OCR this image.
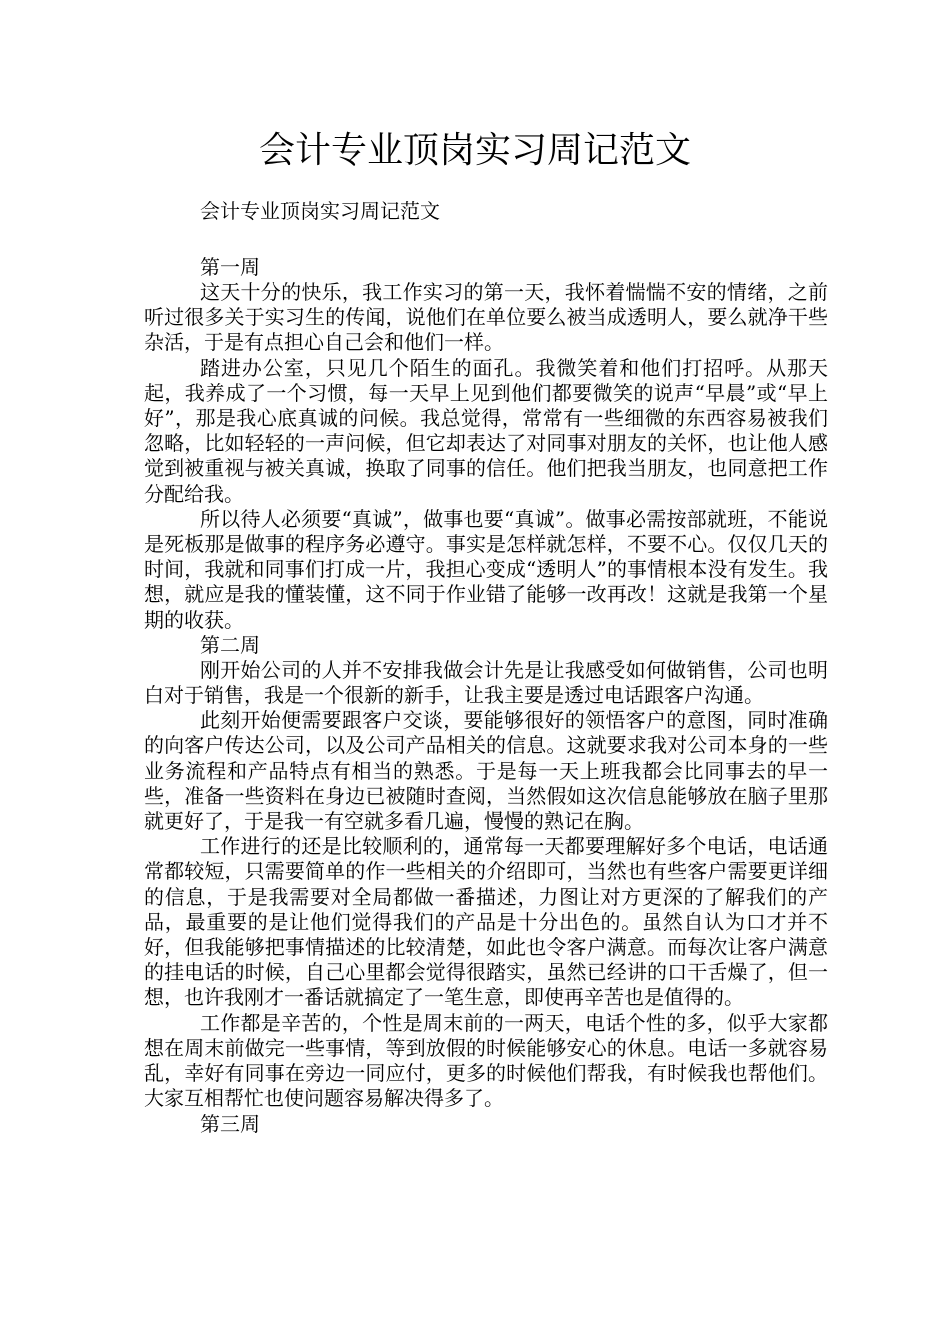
会计专业顶岗实习周记范文
会计专业顶岗实习周记范文
第一周

这天十分的快乐，我工作实习的第一天，我怀着惴惴不安的情绪，之前听过很多关于实习生的传闻，说他们在单位要么被当成透明人，要么就净干些杂活，于是有点担心自己会和他们一样。

踏进办公室，只见几个陌生的面孔。我微笑着和他们打招呼。从那天起，我养成了一个习惯，每一天早上见到他们都要微笑的说声“早晨”或“早上好”，那是我心底真诚的问候。我总觉得，常常有一些细微的东西容易被我们忽略，比如轻轻的一声问候，但它却表达了对同事对朋友的关怀，也让他人感觉到被重视与被关真诚，换取了同事的信任。他们把我当朋友，也同意把工作分配给我。

所以待人必须要“真诚”，做事也要“真诚”。做事必需按部就班，不能说是死板那是做事的程序务必遵守。事实是怎样就怎样，不要不心。仅仅几天的时间，我就和同事们打成一片，我担心变成“透明人”的事情根本没有发生。我想，就应是我的懂装懂，这不同于作业错了能够一改再改！这就是我第一个星期的收获。

第二周

刚开始公司的人并不安排我做会计先是让我感受如何做销售，公司也明白对于销售，我是一个很新的新手，让我主要是透过电话跟客户沟通。

此刻开始便需要跟客户交谈，要能够很好的领悟客户的意图，同时准确的向客户传达公司，以及公司产品相关的信息。这就要求我对公司本身的一些业务流程和产品特点有相当的熟悉。于是每一天上班我都会比同事去的早一些，准备一些资料在身边已被随时查阅，当然假如这次信息能够放在脑子里那就更好了，于是我一有空就多看几遍，慢慢的熟记在胸。

工作进行的还是比较顺利的，通常每一天都要理解好多个电话，电话通常都较短，只需要简单的作一些相关的介绍即可，当然也有些客户需要更详细的信息，于是我需要对全局都做一番描述，力图让对方更深的了解我们的产品，最重要的是让他们觉得我们的产品是十分出色的。虽然自认为口才并不好，但我能够把事情描述的比较清楚，如此也令客户满意。而每次让客户满意的挂电话的时候，自己心里都会觉得很踏实，虽然已经讲的口干舌燥了，但一想，也许我刚才一番话就搞定了一笔生意，即使再辛苦也是值得的。

工作都是辛苦的，个性是周末前的一两天，电话个性的多，似乎大家都想在周末前做完一些事情，等到放假的时候能够安心的休息。电话一多就容易乱，幸好有同事在旁边一同应付，更多的时候他们帮我，有时候我也帮他们。大家互相帮忙也使问题容易解决得多了。

第三周
